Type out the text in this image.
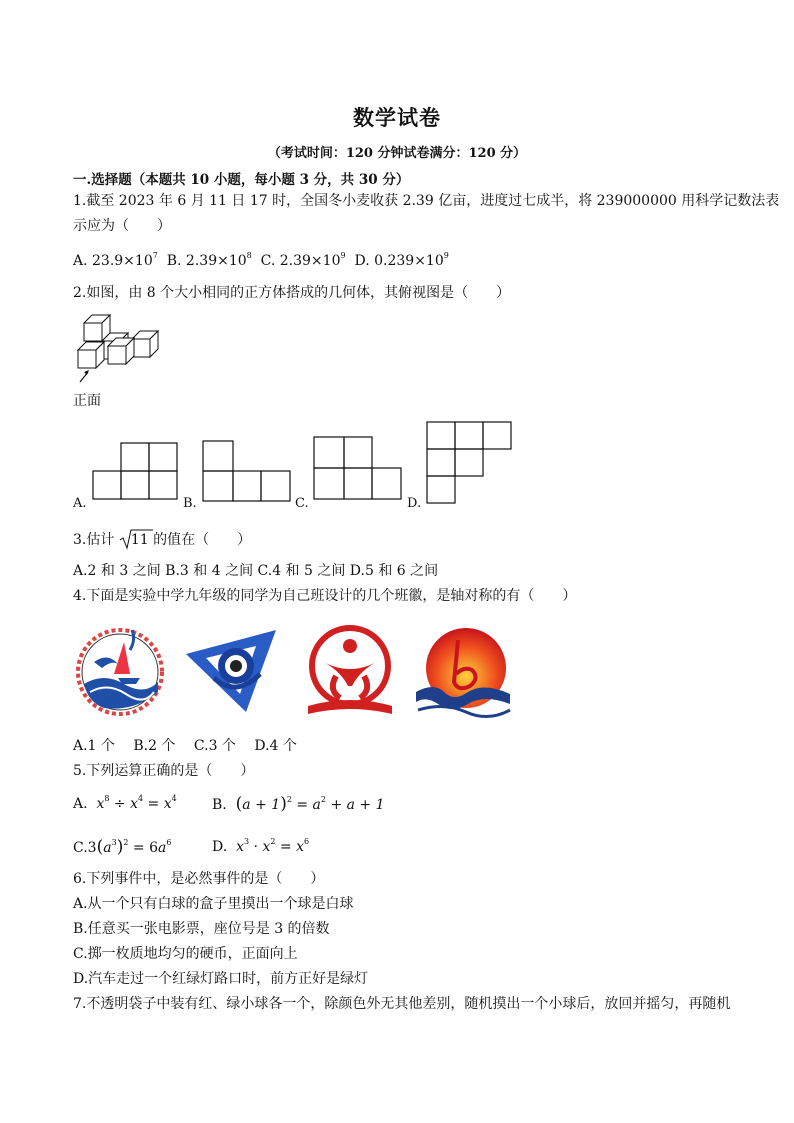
数学试卷
（考试时间：120 分钟试卷满分：120 分）
一.选择题（本题共 10 小题，每小题 3 分，共 30 分）
1.截至 2023 年 6 月 11 日 17 时，全国冬小麦收获 2.39 亿亩，进度过七成半，将 239000000 用科学记数法表
示应为（　　）
A. $23.9\times 10^7$ B. $2.39\times 10^8$ C. $2.39\times 10^9$ D. $0.239\times 10^9$
2.如图，由 8 个大小相同的正方体搭成的几何体，其俯视图是（　　）
正面
A.	B.	C.	D.
3.估计 11 的值在（　　）
A.2 和 3 之间 B.3 和 4 之间 C.4 和 5 之间 D.5 和 6 之间
4.下面是实验中学九年级的同学为自己班设计的几个班徽，是轴对称的有（　　）
A.1 个　 B.2 个　 C.3 个　 D.4 个
5.下列运算正确的是（　　）
A.  $x^8 \div x^4 = x^4$	B. $(a + 1)^2 = a^2 + a + 1$
$C.3(a^3)^2 = 6a^6$	D.  $x^3 \cdot x^2 = x^6$
6.下列事件中，是必然事件的是（　　）
A.从一个只有白球的盒子里摸出一个球是白球
B.任意买一张电影票，座位号是 3 的倍数
C.掷一枚质地均匀的硬币，正面向上
D.汽车走过一个红绿灯路口时，前方正好是绿灯
7.不透明袋子中装有红、绿小球各一个，除颜色外无其他差别，随机摸出一个小球后，放回并摇匀，再随机
